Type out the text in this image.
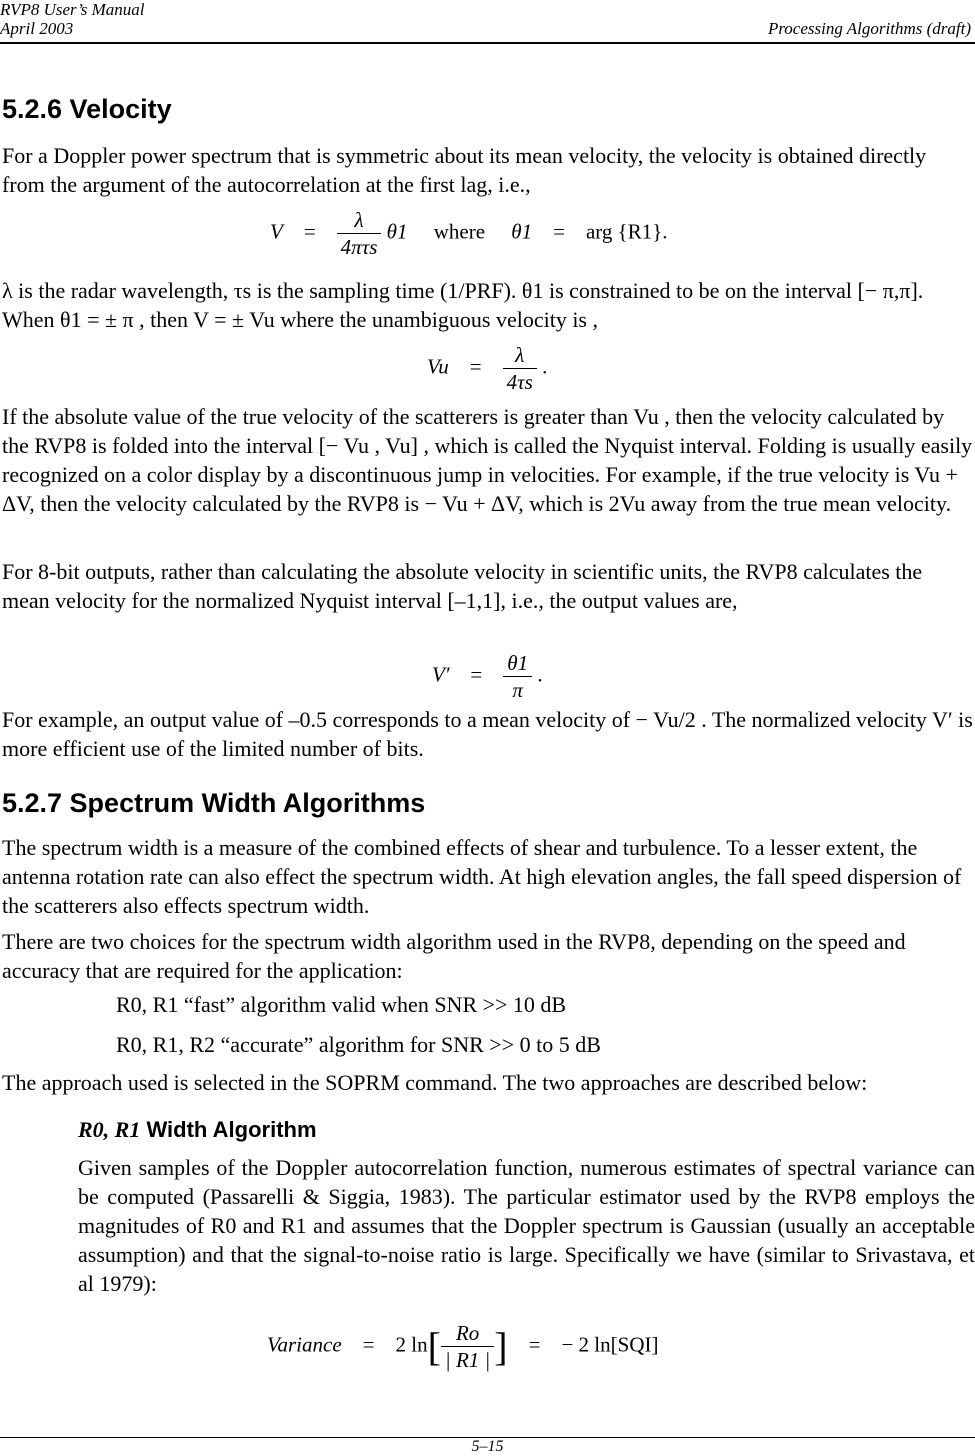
RVP8 User’s Manual
April 2003	Processing Algorithms (draft)
5.2.6 Velocity
For a Doppler power spectrum that is symmetric about its mean velocity, the velocity is obtained directly from the argument of the autocorrelation at the first lag, i.e.,
$V = \frac{\lambda}{\text{4πτs}} \theta 1$ where θ1 = arg {R1}.
λ is the radar wavelength, τs is the sampling time (1/PRF). θ1 is constrained to be on the interval [− π,π]. When θ1 = ± π , then V = ± Vu where the unambiguous velocity is ,
$Vu = \frac{\lambda}{4\tau s}$ .
If the absolute value of the true velocity of the scatterers is greater than Vu , then the velocity calculated by the RVP8 is folded into the interval [− Vu , Vu] , which is called the Nyquist interval. Folding is usually easily recognized on a color display by a discontinuous jump in velocities. For example, if the true velocity is Vu + ΔV, then the velocity calculated by the RVP8 is − Vu + ΔV, which is 2Vu away from the true mean velocity.
For 8-bit outputs, rather than calculating the absolute velocity in scientific units, the RVP8 calculates the mean velocity for the normalized Nyquist interval [–1,1], i.e., the output values are,
$V' = \frac{\theta 1}{\pi}$ .
For example, an output value of –0.5 corresponds to a mean velocity of − Vu/2 . The normalized velocity V′ is more efficient use of the limited number of bits.
5.2.7 Spectrum Width Algorithms
The spectrum width is a measure of the combined effects of shear and turbulence. To a lesser extent, the antenna rotation rate can also effect the spectrum width. At high elevation angles, the fall speed dispersion of the scatterers also effects spectrum width.
There are two choices for the spectrum width algorithm used in the RVP8, depending on the speed and accuracy that are required for the application:
R0, R1 “fast” algorithm valid when SNR >> 10 dB
R0, R1, R2 “accurate” algorithm for SNR >> 0 to 5 dB
The approach used is selected in the SOPRM command. The two approaches are described below:
R0, R1 Width Algorithm
Given samples of the Doppler autocorrelation function, numerous estimates of spectral variance can be computed (Passarelli & Siggia, 1983). The particular estimator used by the RVP8 employs the magnitudes of R0 and R1 and assumes that the Doppler spectrum is Gaussian (usually an acceptable assumption) and that the signal-to-noise ratio is large. Specifically we have (similar to Srivastava, et al 1979):
Variance = 2 $\ln[ \frac{Ro}{| R1 |}$ ] = − 2 ln[SQI]
5–15
